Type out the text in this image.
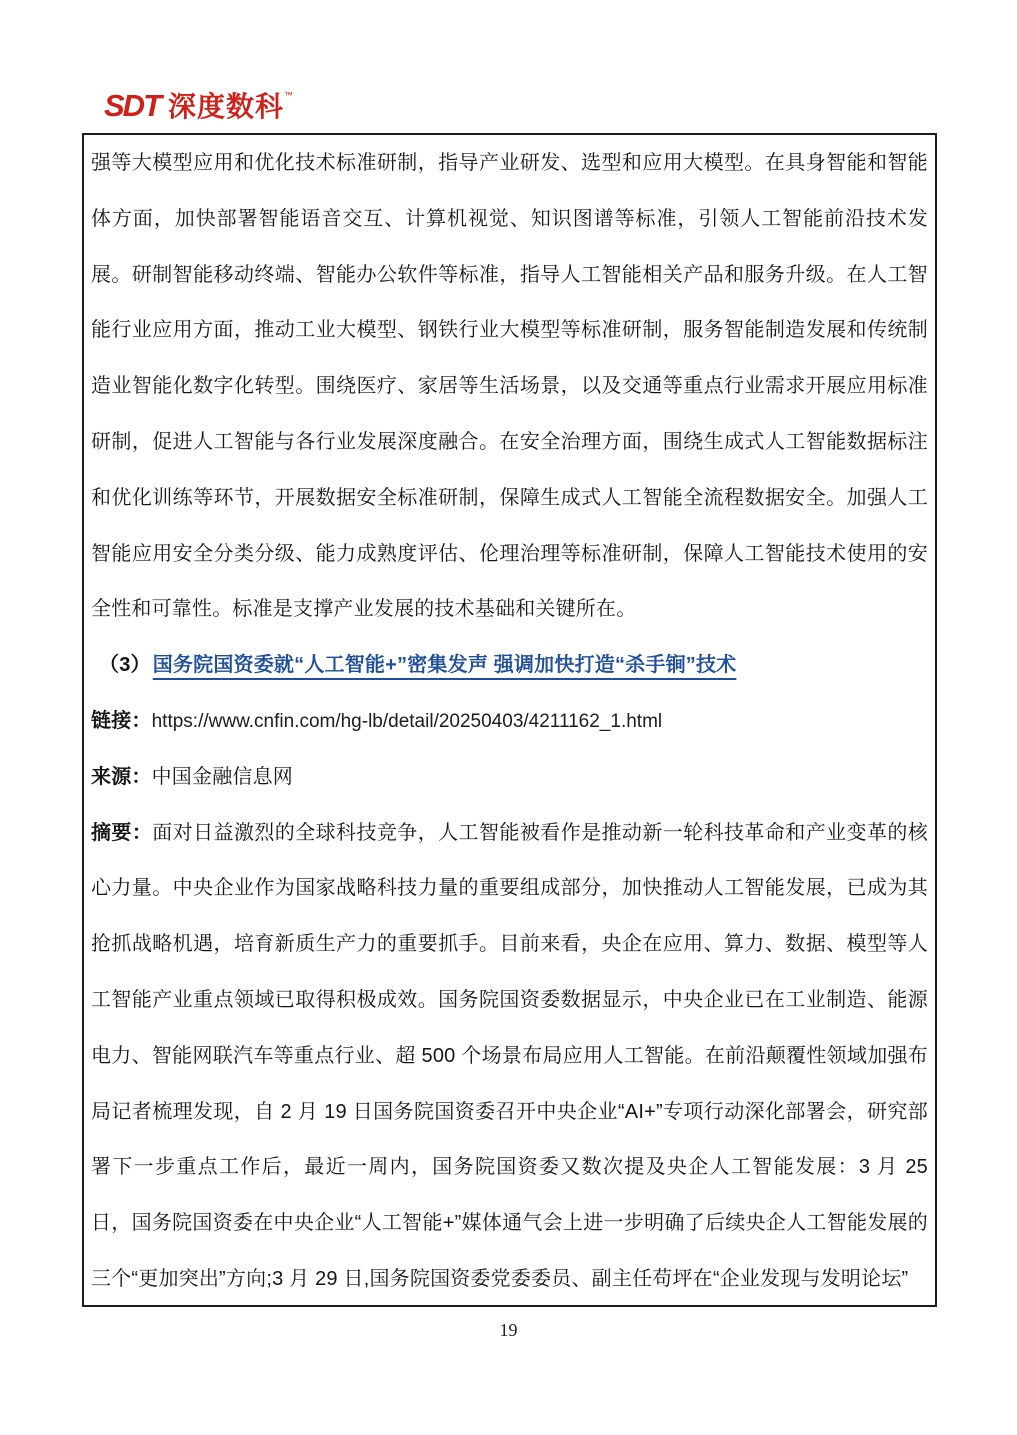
SDT 深度数科™

强等大模型应用和优化技术标准研制，指导产业研发、选型和应用大模型。在具身智能和智能体方面，加快部署智能语音交互、计算机视觉、知识图谱等标准，引领人工智能前沿技术发展。研制智能移动终端、智能办公软件等标准，指导人工智能相关产品和服务升级。在人工智能行业应用方面，推动工业大模型、钢铁行业大模型等标准研制，服务智能制造发展和传统制造业智能化数字化转型。围绕医疗、家居等生活场景，以及交通等重点行业需求开展应用标准研制，促进人工智能与各行业发展深度融合。在安全治理方面，围绕生成式人工智能数据标注和优化训练等环节，开展数据安全标准研制，保障生成式人工智能全流程数据安全。加强人工智能应用安全分类分级、能力成熟度评估、伦理治理等标准研制，保障人工智能技术使用的安全性和可靠性。标准是支撑产业发展的技术基础和关键所在。

（3） 国务院国资委就“人工智能+”密集发声 强调加快打造“杀手锏”技术

链接：https://www.cnfin.com/hg-lb/detail/20250403/4211162_1.html

来源：中国金融信息网

摘要：面对日益激烈的全球科技竞争，人工智能被看作是推动新一轮科技革命和产业变革的核心力量。中央企业作为国家战略科技力量的重要组成部分，加快推动人工智能发展，已成为其抢抓战略机遇，培育新质生产力的重要抓手。目前来看，央企在应用、算力、数据、模型等人工智能产业重点领域已取得积极成效。国务院国资委数据显示，中央企业已在工业制造、能源电力、智能网联汽车等重点行业、超 500 个场景布局应用人工智能。在前沿颠覆性领域加强布局记者梳理发现，自 2 月 19 日国务院国资委召开中央企业“AI+”专项行动深化部署会，研究部署下一步重点工作后，最近一周内，国务院国资委又数次提及央企人工智能发展：3 月 25 日，国务院国资委在中央企业“人工智能+”媒体通气会上进一步明确了后续央企人工智能发展的三个“更加突出”方向;3 月 29 日,国务院国资委党委委员、副主任苟坪在“企业发现与发明论坛”

19
